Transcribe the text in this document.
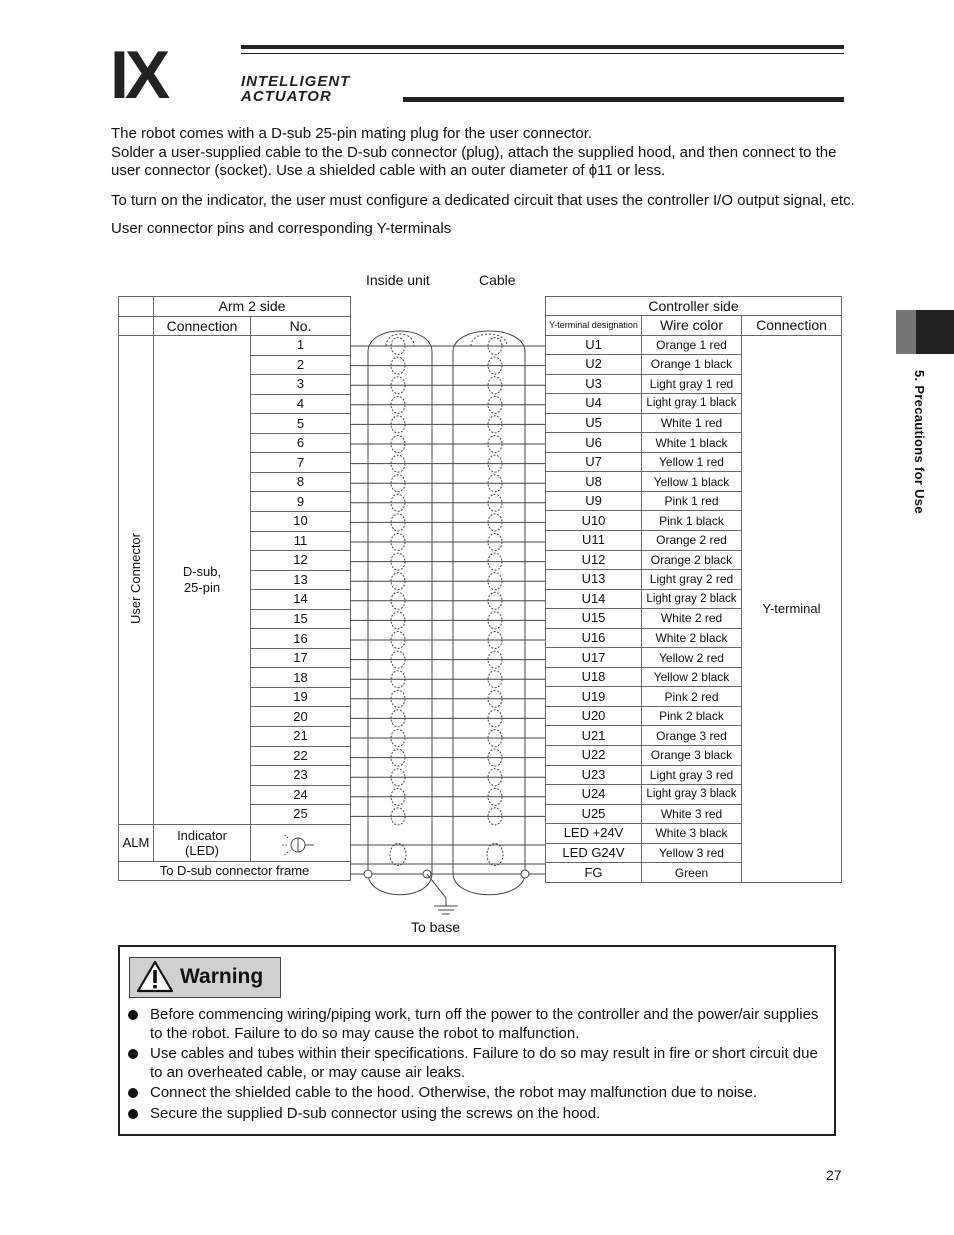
IX	INTELLIGENT
ACTUATOR
5. Precautions for Use

The robot comes with a D-sub 25-pin mating plug for the user connector.

Solder a user-supplied cable to the D-sub connector (plug), attach the supplied hood, and then connect to the user connector (socket). Use a shielded cable with an outer diameter of ϕ11 or less.

To turn on the indicator, the user must configure a dedicated circuit that uses the controller I/O output signal, etc.

User connector pins and corresponding Y-terminals

Inside unit	Cable
To base
	Arm 2 side	
	Connection	No.
User Connector	D-sub,
25-pin	1
		2
		3
		4
		5
		6
		7
		8
		9
		10
		11
		12
		13
		14
		15
		16
		17
		18
		19
		20
		21
		22
		23
		24
		25
ALM	Indicator
(LED)	

To D-sub connector frame		
Controller side		
Y-terminal designation	Wire color	Connection
U1	Orange 1 red	Y-terminal
U2	Orange 1 black	
U3	Light gray 1 red	
U4	Light gray 1 black	
U5	White 1 red	
U6	White 1 black	
U7	Yellow 1 red	
U8	Yellow 1 black	
U9	Pink 1 red	
U10	Pink 1 black	
U11	Orange 2 red	
U12	Orange 2 black	
U13	Light gray 2 red	
U14	Light gray 2 black	
U15	White 2 red	
U16	White 2 black	
U17	Yellow 2 red	
U18	Yellow 2 black	
U19	Pink 2 red	
U20	Pink 2 black	
U21	Orange 3 red	
U22	Orange 3 black	
U23	Light gray 3 red	
U24	Light gray 3 black	
U25	White 3 red	
LED +24V	White 3 black	
LED G24V	Yellow 3 red	
FG	Green	
Warning
Before commencing wiring/piping work, turn off the power to the controller and the power/air supplies to the robot. Failure to do so may cause the robot to malfunction.
Use cables and tubes within their specifications. Failure to do so may result in fire or short circuit due to an overheated cable, or may cause air leaks.
Connect the shielded cable to the hood. Otherwise, the robot may malfunction due to noise.
Secure the supplied D-sub connector using the screws on the hood.
27
